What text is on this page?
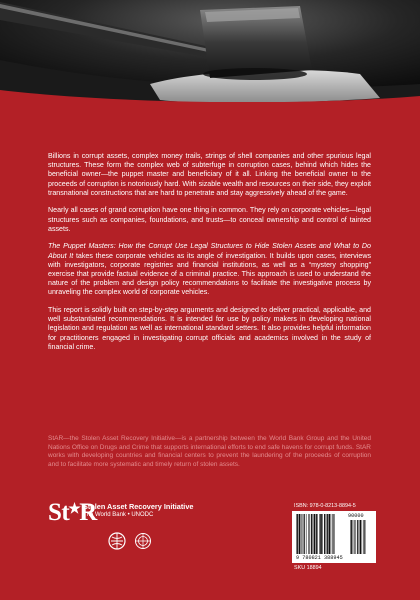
Billions in corrupt assets, complex money trails, strings of shell companies and other spurious legal structures. These form the complex web of subterfuge in corruption cases, behind which hides the beneficial owner—the puppet master and beneficiary of it all. Linking the beneficial owner to the proceeds of corruption is notoriously hard. With sizable wealth and resources on their side, they exploit transnational constructions that are hard to penetrate and stay aggressively ahead of the game.

Nearly all cases of grand corruption have one thing in common. They rely on corporate vehicles—legal structures such as companies, foundations, and trusts—to conceal ownership and control of tainted assets.

The Puppet Masters: How the Corrupt Use Legal Structures to Hide Stolen Assets and What to Do About It takes these corporate vehicles as its angle of investigation. It builds upon cases, interviews with investigators, corporate registries and financial institutions, as well as a “mystery shopping” exercise that provide factual evidence of a criminal practice. This approach is used to understand the nature of the problem and design policy recommendations to facilitate the investigative process by unraveling the complex world of corporate vehicles.

This report is solidly built on step-by-step arguments and designed to deliver practical, applicable, and well substantiated recommendations. It is intended for use by policy makers in developing national legislation and regulation as well as international standard setters. It also provides helpful information for practitioners engaged in investigating corrupt officials and academics involved in the study of financial crime.

StAR—the Stolen Asset Recovery Initiative—is a partnership between the World Bank Group and the United Nations Office on Drugs and Crime that supports international efforts to end safe havens for corrupt funds. StAR works with developing countries and financial centers to prevent the laundering of the proceeds of corruption and to facilitate more systematic and timely return of stolen assets.

St★R
Stolen Asset Recovery Initiative
The World Bank • UNODC
ISBN: 978-0-8213-8894-5
90000
9 780821 388945
SKU 18894
